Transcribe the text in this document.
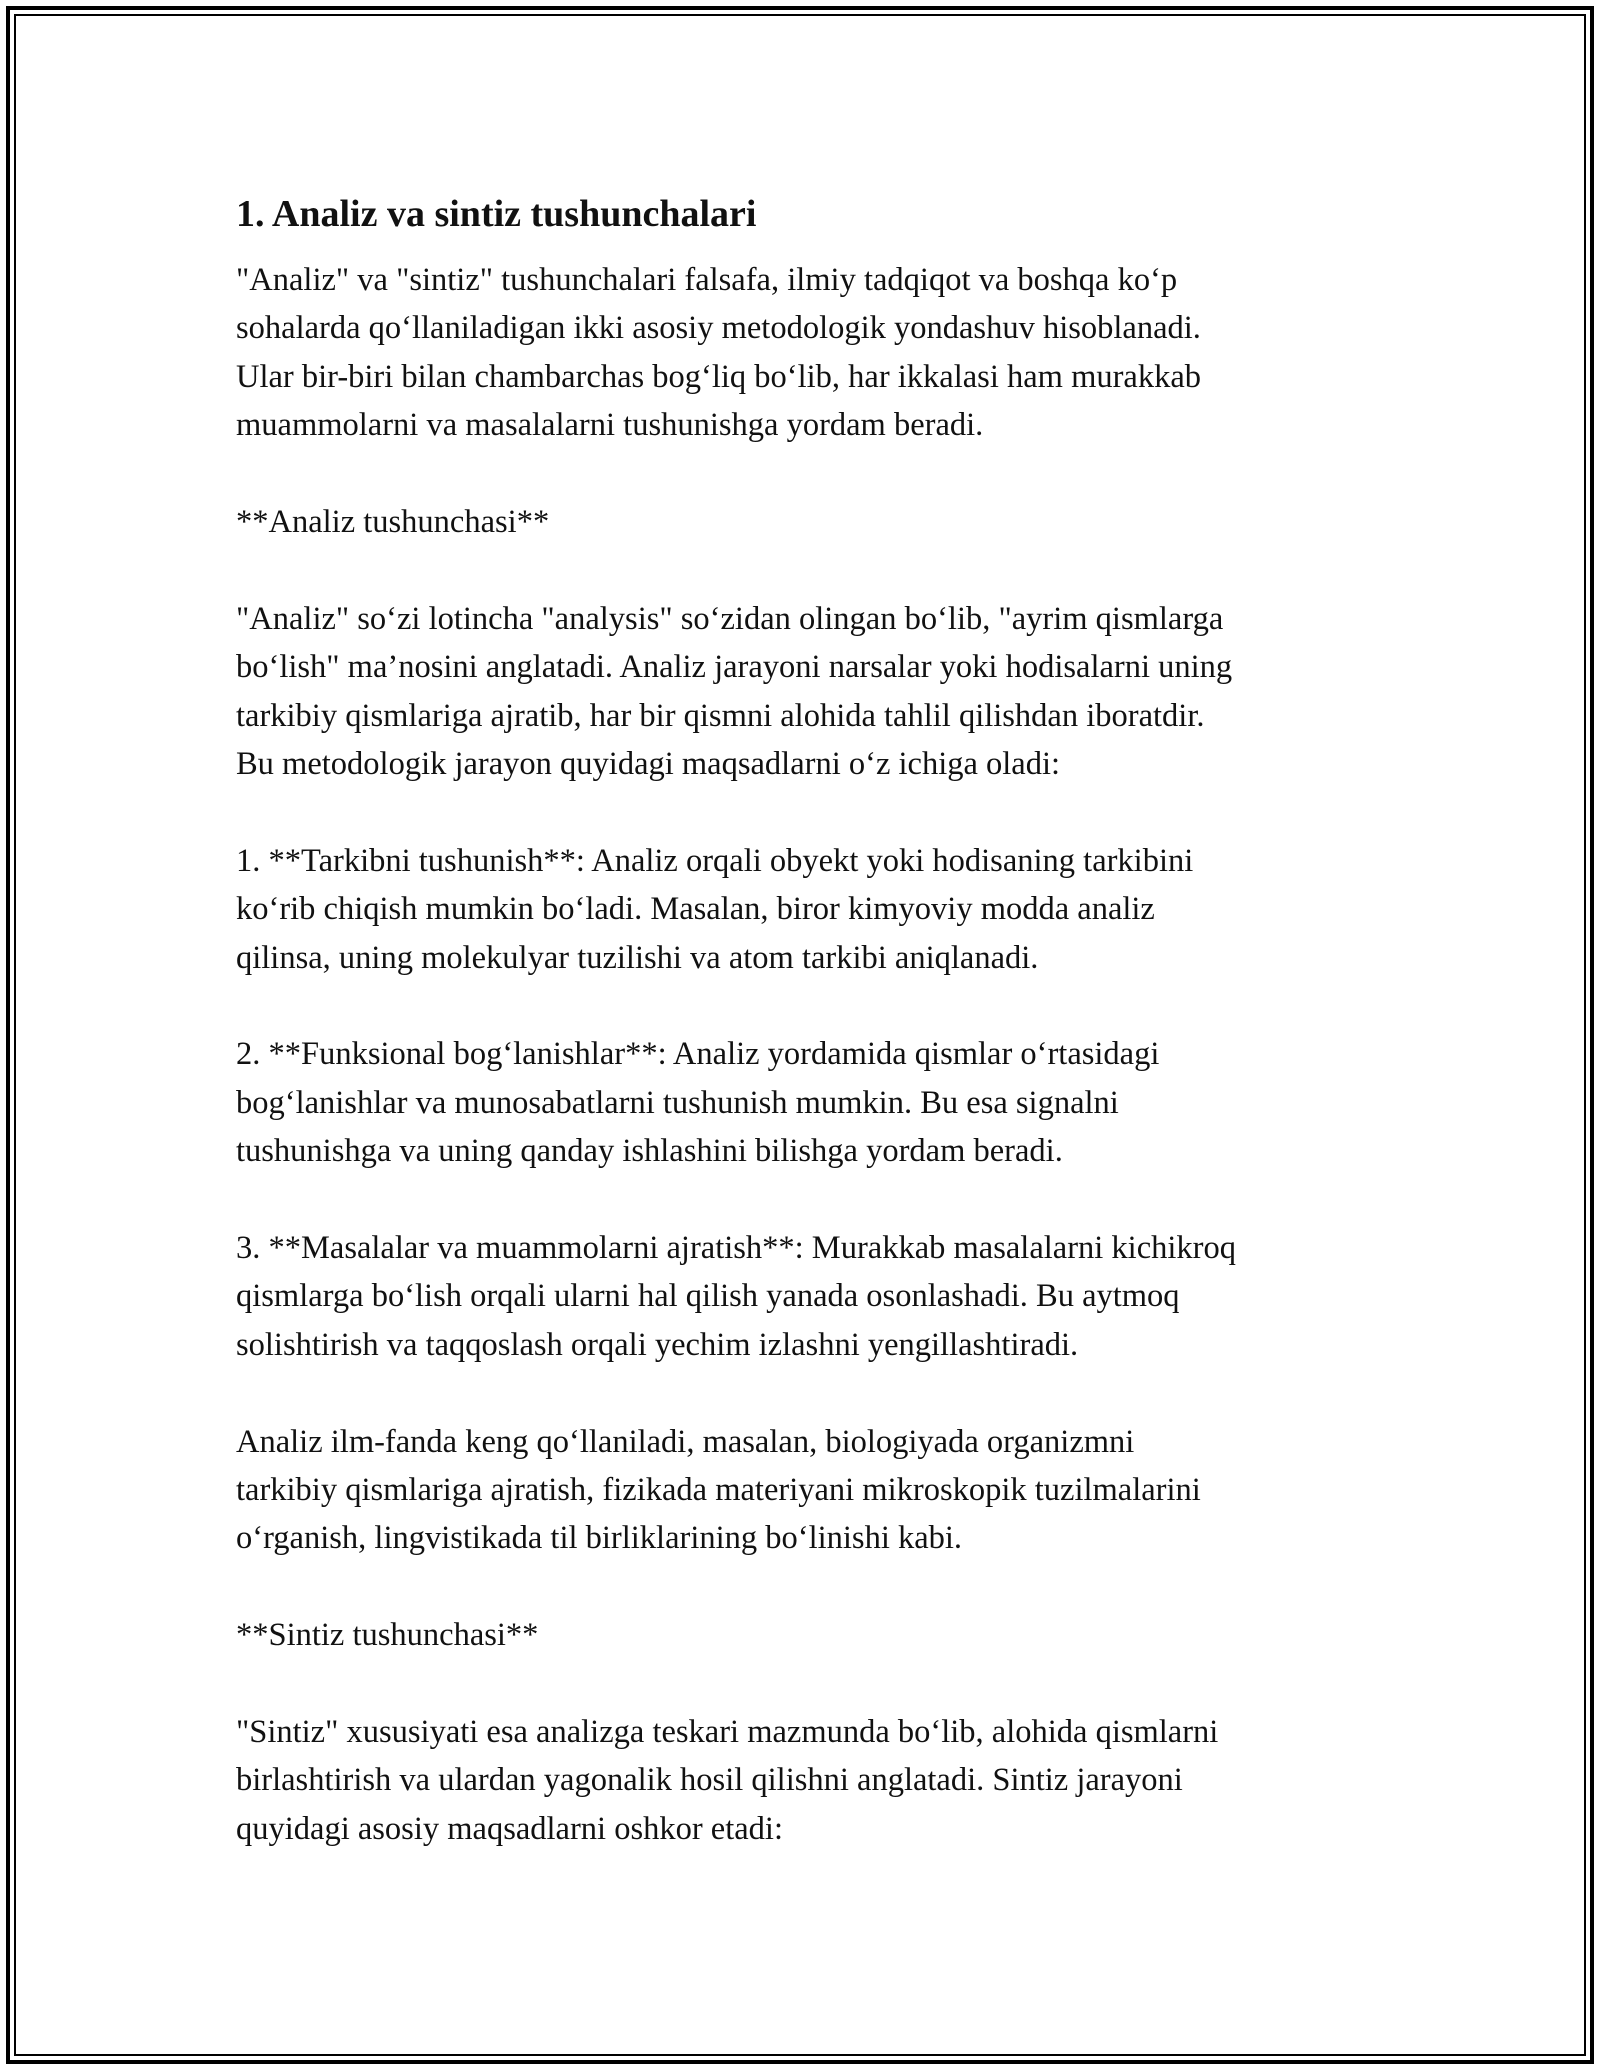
1. Analiz va sintiz tushunchalari

"Analiz" va "sintiz" tushunchalari falsafa, ilmiy tadqiqot va boshqa ko‘p
sohalarda qo‘llaniladigan ikki asosiy metodologik yondashuv hisoblanadi.
Ular bir-biri bilan chambarchas bog‘liq bo‘lib, har ikkalasi ham murakkab
muammolarni va masalalarni tushunishga yordam beradi.

**Analiz tushunchasi**

"Analiz" so‘zi lotincha "analysis" so‘zidan olingan bo‘lib, "ayrim qismlarga
bo‘lish" ma’nosini anglatadi. Analiz jarayoni narsalar yoki hodisalarni uning
tarkibiy qismlariga ajratib, har bir qismni alohida tahlil qilishdan iboratdir.
Bu metodologik jarayon quyidagi maqsadlarni o‘z ichiga oladi:

1. **Tarkibni tushunish**: Analiz orqali obyekt yoki hodisaning tarkibini
ko‘rib chiqish mumkin bo‘ladi. Masalan, biror kimyoviy modda analiz
qilinsa, uning molekulyar tuzilishi va atom tarkibi aniqlanadi.

2. **Funksional bog‘lanishlar**: Analiz yordamida qismlar o‘rtasidagi
bog‘lanishlar va munosabatlarni tushunish mumkin. Bu esa signalni
tushunishga va uning qanday ishlashini bilishga yordam beradi.

3. **Masalalar va muammolarni ajratish**: Murakkab masalalarni kichikroq
qismlarga bo‘lish orqali ularni hal qilish yanada osonlashadi. Bu aytmoq
solishtirish va taqqoslash orqali yechim izlashni yengillashtiradi.

Analiz ilm-fanda keng qo‘llaniladi, masalan, biologiyada organizmni
tarkibiy qismlariga ajratish, fizikada materiyani mikroskopik tuzilmalarini
o‘rganish, lingvistikada til birliklarining bo‘linishi kabi.

**Sintiz tushunchasi**

"Sintiz" xususiyati esa analizga teskari mazmunda bo‘lib, alohida qismlarni
birlashtirish va ulardan yagonalik hosil qilishni anglatadi. Sintiz jarayoni
quyidagi asosiy maqsadlarni oshkor etadi:
